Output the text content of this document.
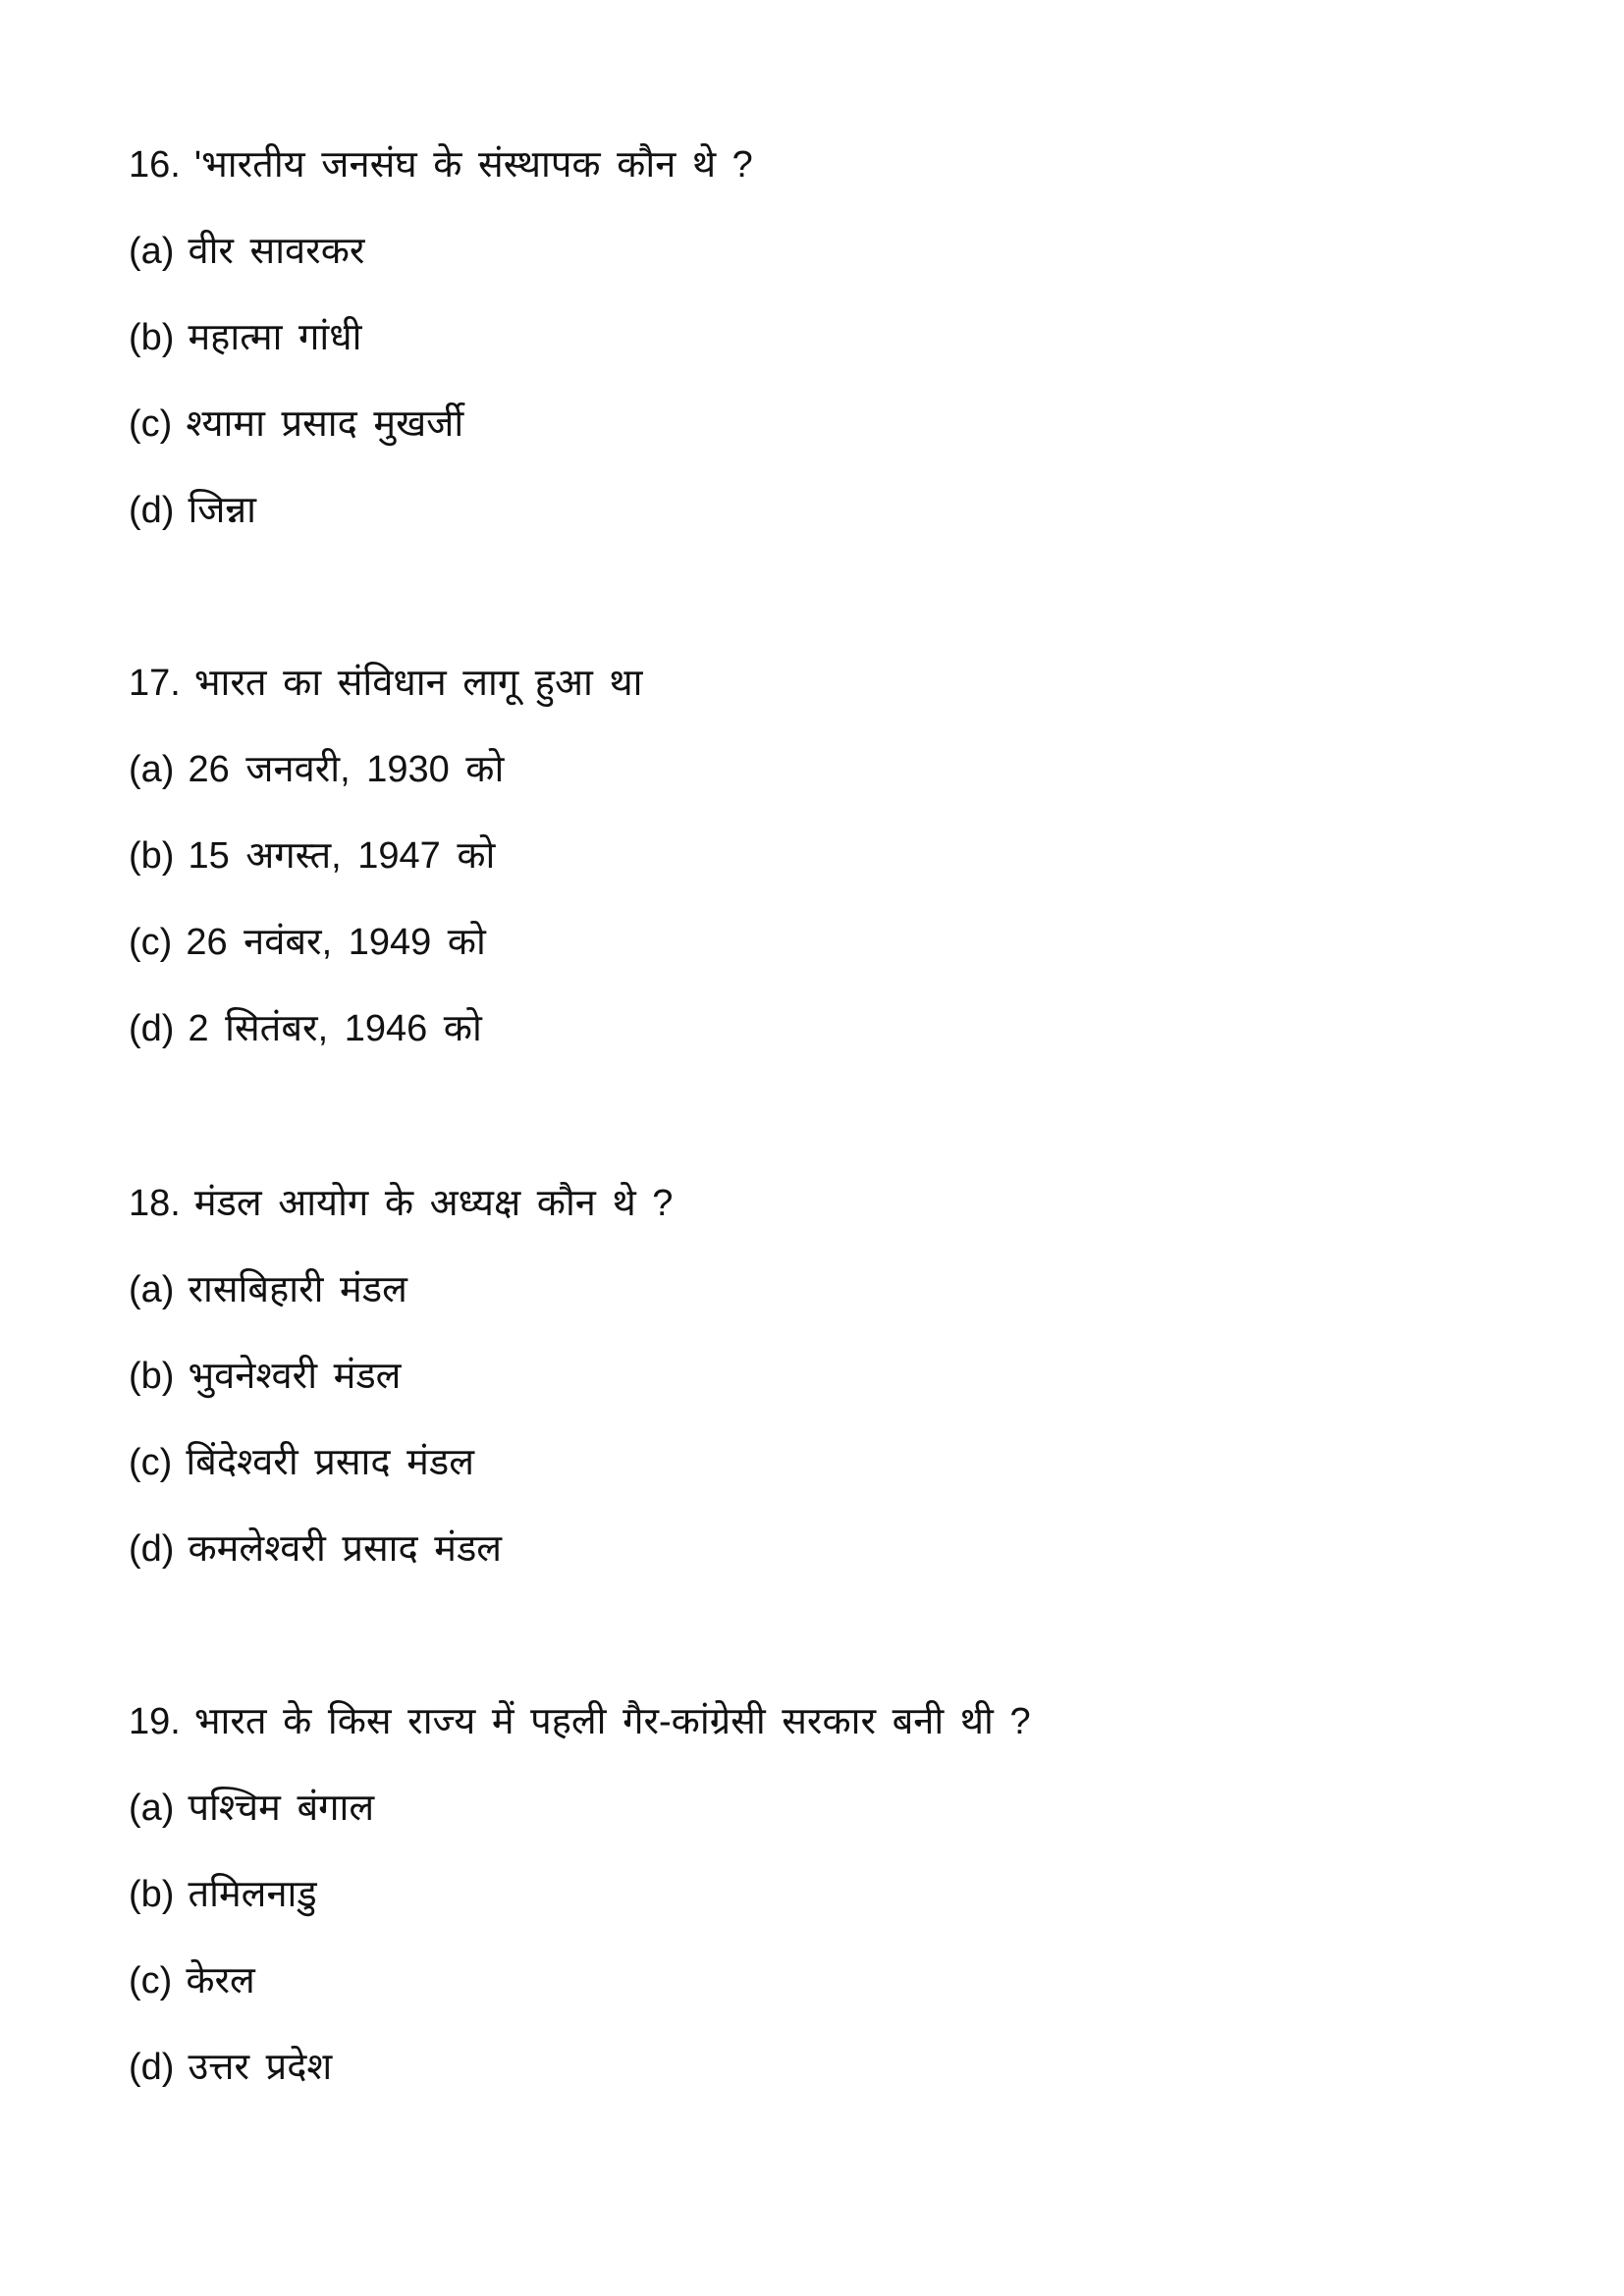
16. 'भारतीय जनसंघ के संस्थापक कौन थे ?
(a) वीर सावरकर
(b) महात्मा गांधी
(c) श्यामा प्रसाद मुखर्जी
(d) जिन्ना
17. भारत का संविधान लागू हुआ था
(a) 26 जनवरी, 1930 को
(b) 15 अगस्त, 1947 को
(c) 26 नवंबर, 1949 को
(d) 2 सितंबर, 1946 को
18. मंडल आयोग के अध्यक्ष कौन थे ?
(a) रासबिहारी मंडल
(b) भुवनेश्वरी मंडल
(c) बिंदेश्वरी प्रसाद मंडल
(d) कमलेश्वरी प्रसाद मंडल
19. भारत के किस राज्य में पहली गैर-कांग्रेसी सरकार बनी थी ?
(a) पश्चिम बंगाल
(b) तमिलनाडु
(c) केरल
(d) उत्तर प्रदेश
